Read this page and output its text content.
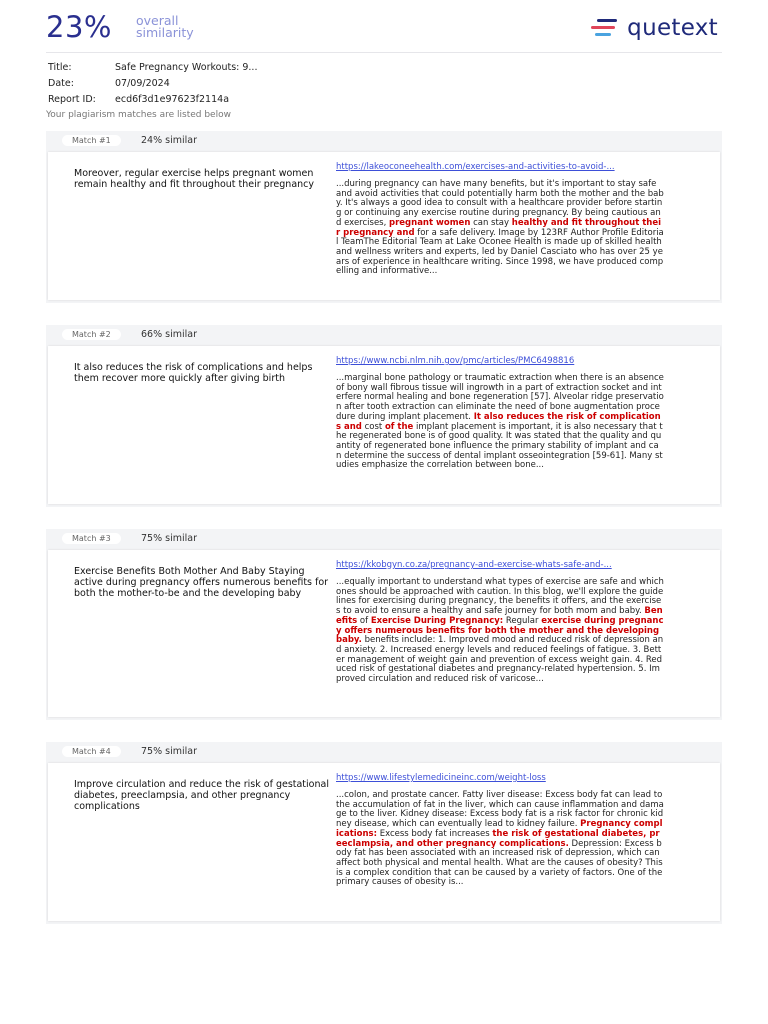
23% overall
similarity	quetext
Title:	Safe Pregnancy Workouts: 9...
Date:	07/09/2024
Report ID:	ecd6f3d1e97623f2114a
Your plagiarism matches are listed below
Match #1	24% similar
Moreover, regular exercise helps pregnant women remain healthy and fit throughout their pregnancy
https://lakeoconeehealth.com/exercises-and-activities-to-avoid-...
...during pregnancy can have many benefits, but it's important to stay safe and avoid activities that could potentially harm both the mother and the baby. It's always a good idea to consult with a healthcare provider before starting or continuing any exercise routine during pregnancy. By being cautious and exercises, pregnant women can stay healthy and fit throughout their pregnancy and for a safe delivery. Image by 123RF Author Profile Editorial TeamThe Editorial Team at Lake Oconee Health is made up of skilled health and wellness writers and experts, led by Daniel Casciato who has over 25 years of experience in healthcare writing. Since 1998, we have produced compelling and informative...
Match #2	66% similar
It also reduces the risk of complications and helps them recover more quickly after giving birth
https://www.ncbi.nlm.nih.gov/pmc/articles/PMC6498816
...marginal bone pathology or traumatic extraction when there is an absence of bony wall fibrous tissue will ingrowth in a part of extraction socket and interfere normal healing and bone regeneration [57]. Alveolar ridge preservation after tooth extraction can eliminate the need of bone augmentation procedure during implant placement. It also reduces the risk of complications and cost of the implant placement is important, it is also necessary that the regenerated bone is of good quality. It was stated that the quality and quantity of regenerated bone influence the primary stability of implant and can determine the success of dental implant osseointegration [59-61]. Many studies emphasize the correlation between bone...
Match #3	75% similar
Exercise Benefits Both Mother And Baby Staying active during pregnancy offers numerous benefits for both the mother-to-be and the developing baby
https://kkobgyn.co.za/pregnancy-and-exercise-whats-safe-and-...
...equally important to understand what types of exercise are safe and which ones should be approached with caution. In this blog, we'll explore the guidelines for exercising during pregnancy, the benefits it offers, and the exercises to avoid to ensure a healthy and safe journey for both mom and baby. Benefits of Exercise During Pregnancy: Regular exercise during pregnancy offers numerous benefits for both the mother and the developing baby. benefits include: 1. Improved mood and reduced risk of depression and anxiety. 2. Increased energy levels and reduced feelings of fatigue. 3. Better management of weight gain and prevention of excess weight gain. 4. Reduced risk of gestational diabetes and pregnancy-related hypertension. 5. Improved circulation and reduced risk of varicose...
Match #4	75% similar
Improve circulation and reduce the risk of gestational diabetes, preeclampsia, and other pregnancy complications
https://www.lifestylemedicineinc.com/weight-loss
...colon, and prostate cancer. Fatty liver disease: Excess body fat can lead to the accumulation of fat in the liver, which can cause inflammation and damage to the liver. Kidney disease: Excess body fat is a risk factor for chronic kidney disease, which can eventually lead to kidney failure. Pregnancy complications: Excess body fat increases the risk of gestational diabetes, preeclampsia, and other pregnancy complications. Depression: Excess body fat has been associated with an increased risk of depression, which can affect both physical and mental health. What are the causes of obesity? This is a complex condition that can be caused by a variety of factors. One of the primary causes of obesity is...
